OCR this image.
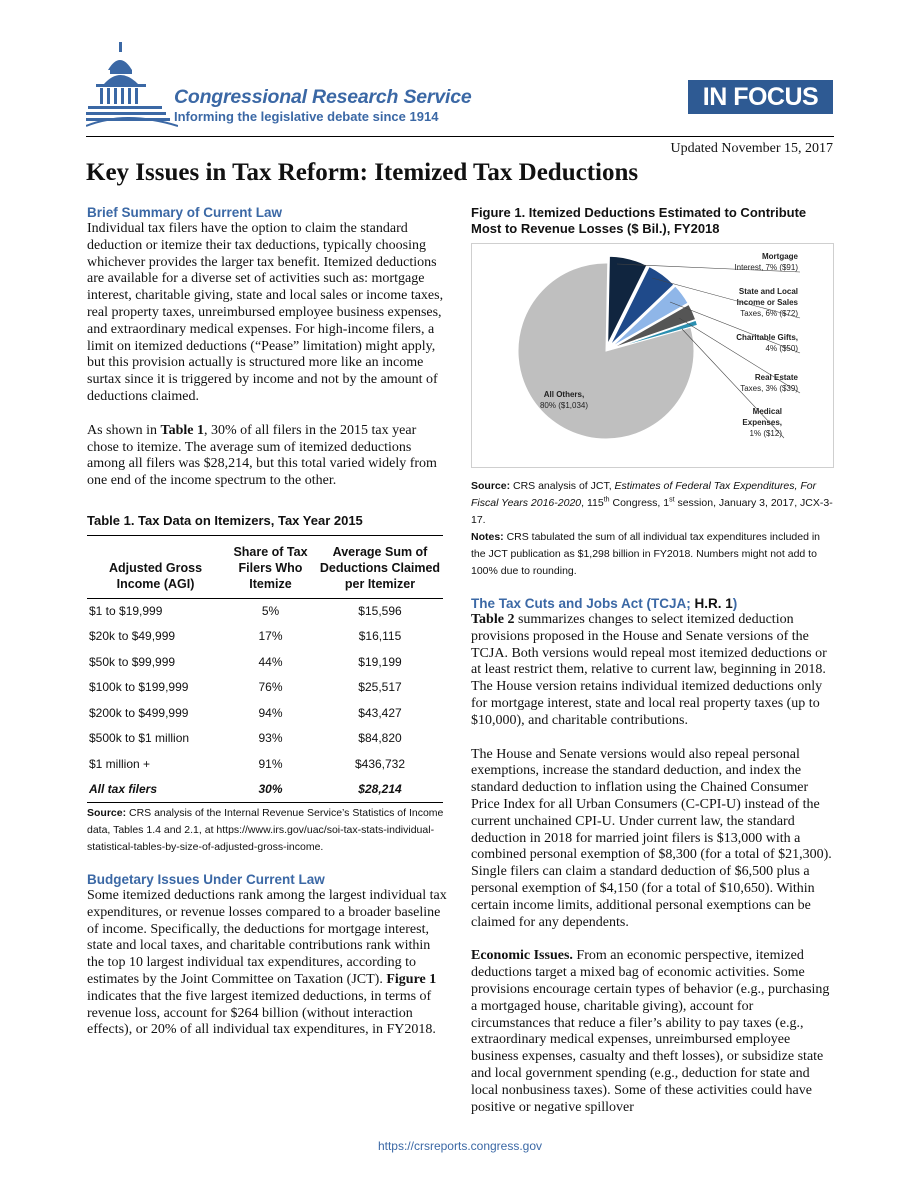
Congressional Research Service
Informing the legislative debate since 1914
IN FOCUS
Updated November 15, 2017
Key Issues in Tax Reform: Itemized Tax Deductions
Brief Summary of Current Law

Individual tax filers have the option to claim the standard deduction or itemize their tax deductions, typically choosing whichever provides the larger tax benefit. Itemized deductions are available for a diverse set of activities such as: mortgage interest, charitable giving, state and local sales or income taxes, real property taxes, unreimbursed employee business expenses, and extraordinary medical expenses. For high-income filers, a limit on itemized deductions (“Pease” limitation) might apply, but this provision actually is structured more like an income surtax since it is triggered by income and not by the amount of deductions claimed.

As shown in Table 1, 30% of all filers in the 2015 tax year chose to itemize. The average sum of itemized deductions among all filers was $28,214, but this total varied widely from one end of the income spectrum to the other.

Table 1. Tax Data on Itemizers, Tax Year 2015
Adjusted Gross Income (AGI)	Share of Tax Filers Who Itemize	Average Sum of Deductions Claimed per Itemizer
$1 to $19,999	5%	$15,596
$20k to $49,999	17%	$16,115
$50k to $99,999	44%	$19,199
$100k to $199,999	76%	$25,517
$200k to $499,999	94%	$43,427
$500k to $1 million	93%	$84,820
$1 million +	91%	$436,732
All tax filers	30%	$28,214
Source: CRS analysis of the Internal Revenue Service’s Statistics of Income data, Tables 1.4 and 2.1, at https://www.irs.gov/uac/soi-tax-stats-individual-statistical-tables-by-size-of-adjusted-gross-income.
Budgetary Issues Under Current Law

Some itemized deductions rank among the largest individual tax expenditures, or revenue losses compared to a broader baseline of income. Specifically, the deductions for mortgage interest, state and local taxes, and charitable contributions rank within the top 10 largest individual tax expenditures, according to estimates by the Joint Committee on Taxation (JCT). Figure 1 indicates that the five largest itemized deductions, in terms of revenue loss, account for $264 billion (without interaction effects), or 20% of all individual tax expenditures, in FY2018.

Figure 1. Itemized Deductions Estimated to Contribute Most to Revenue Losses ($ Bil.), FY2018
Mortgage
Interest, 7% ($91)
State and Local
Income or Sales
Taxes, 6% ($72)
Charitable Gifts,
4% ($50)
Real Estate
Taxes, 3% ($39)
Medical
Expenses,
1% ($12)
All Others,
80% ($1,034)
Source: CRS analysis of JCT, Estimates of Federal Tax Expenditures, For Fiscal Years 2016-2020, 115th Congress, 1st session, January 3, 2017, JCX-3-17.
Notes: CRS tabulated the sum of all individual tax expenditures included in the JCT publication as $1,298 billion in FY2018. Numbers might not add to 100% due to rounding.
The Tax Cuts and Jobs Act (TCJA; H.R. 1)

Table 2 summarizes changes to select itemized deduction provisions proposed in the House and Senate versions of the TCJA. Both versions would repeal most itemized deductions or at least restrict them, relative to current law, beginning in 2018. The House version retains individual itemized deductions only for mortgage interest, state and local real property taxes (up to $10,000), and charitable contributions.

The House and Senate versions would also repeal personal exemptions, increase the standard deduction, and index the standard deduction to inflation using the Chained Consumer Price Index for all Urban Consumers (C-CPI-U) instead of the current unchained CPI-U. Under current law, the standard deduction in 2018 for married joint filers is $13,000 with a combined personal exemption of $8,300 (for a total of $21,300). Single filers can claim a standard deduction of $6,500 plus a personal exemption of $4,150 (for a total of $10,650). Within certain income limits, additional personal exemptions can be claimed for any dependents.

Economic Issues. From an economic perspective, itemized deductions target a mixed bag of economic activities. Some provisions encourage certain types of behavior (e.g., purchasing a mortgaged house, charitable giving), account for circumstances that reduce a filer’s ability to pay taxes (e.g., extraordinary medical expenses, unreimbursed employee business expenses, casualty and theft losses), or subsidize state and local government spending (e.g., deduction for state and local nonbusiness taxes). Some of these activities could have positive or negative spillover

https://crsreports.congress.gov
